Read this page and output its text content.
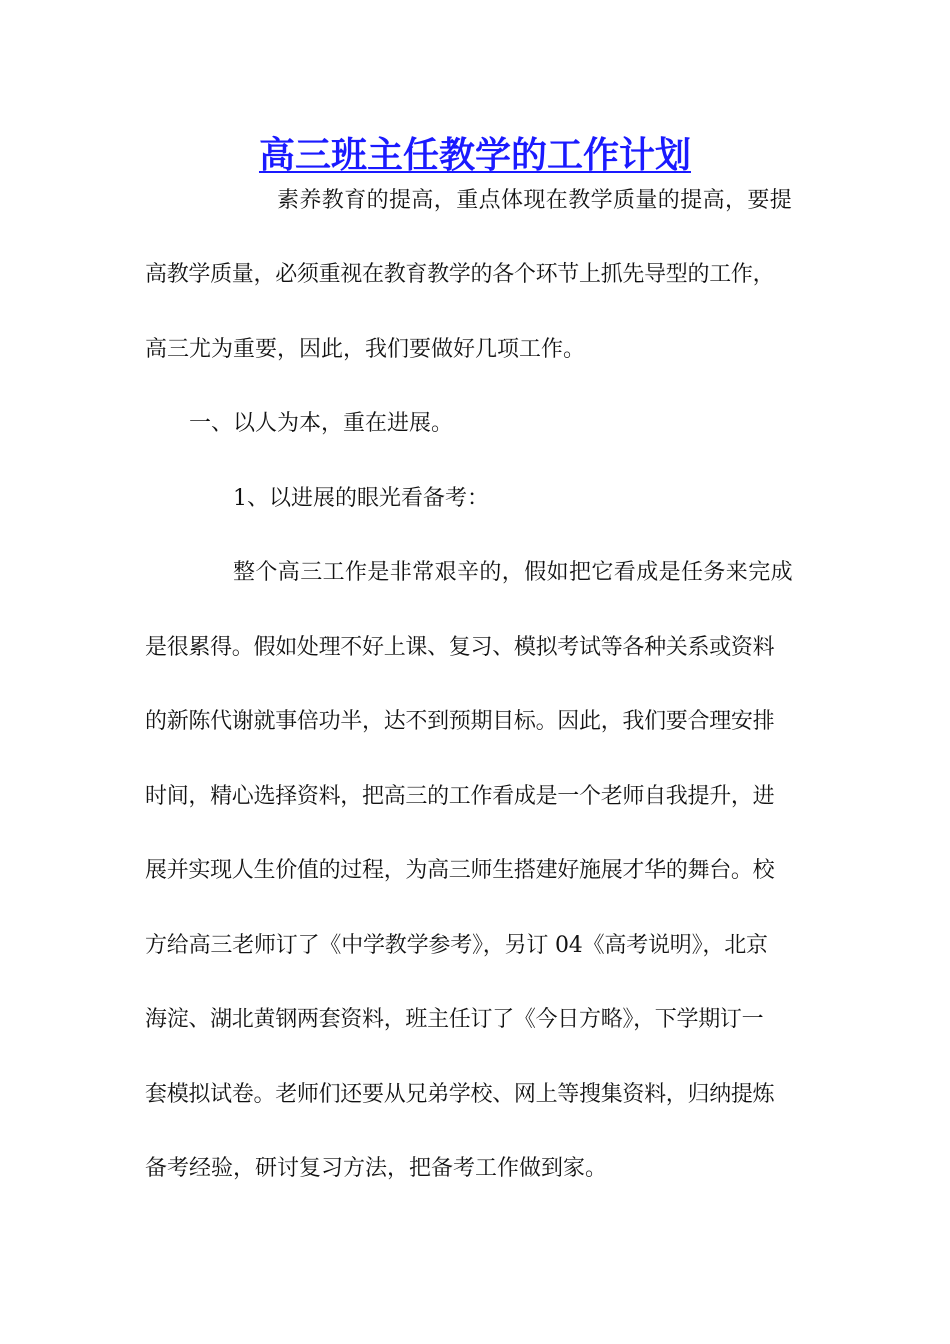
高三班主任教学的工作计划

素养教育的提高，重点体现在教学质量的提高，要提

高教学质量，必须重视在教育教学的各个环节上抓先导型的工作，

高三尤为重要，因此，我们要做好几项工作。

一、以人为本，重在进展。

1、以进展的眼光看备考：

整个高三工作是非常艰辛的，假如把它看成是任务来完成

是很累得。假如处理不好上课、复习、模拟考试等各种关系或资料

的新陈代谢就事倍功半，达不到预期目标。因此，我们要合理安排

时间，精心选择资料，把高三的工作看成是一个老师自我提升，进

展并实现人生价值的过程，为高三师生搭建好施展才华的舞台。校

方给高三老师订了《中学教学参考》，另订 04《高考说明》，北京

海淀、湖北黄钢两套资料，班主任订了《今日方略》，下学期订一

套模拟试卷。老师们还要从兄弟学校、网上等搜集资料，归纳提炼

备考经验，研讨复习方法，把备考工作做到家。
